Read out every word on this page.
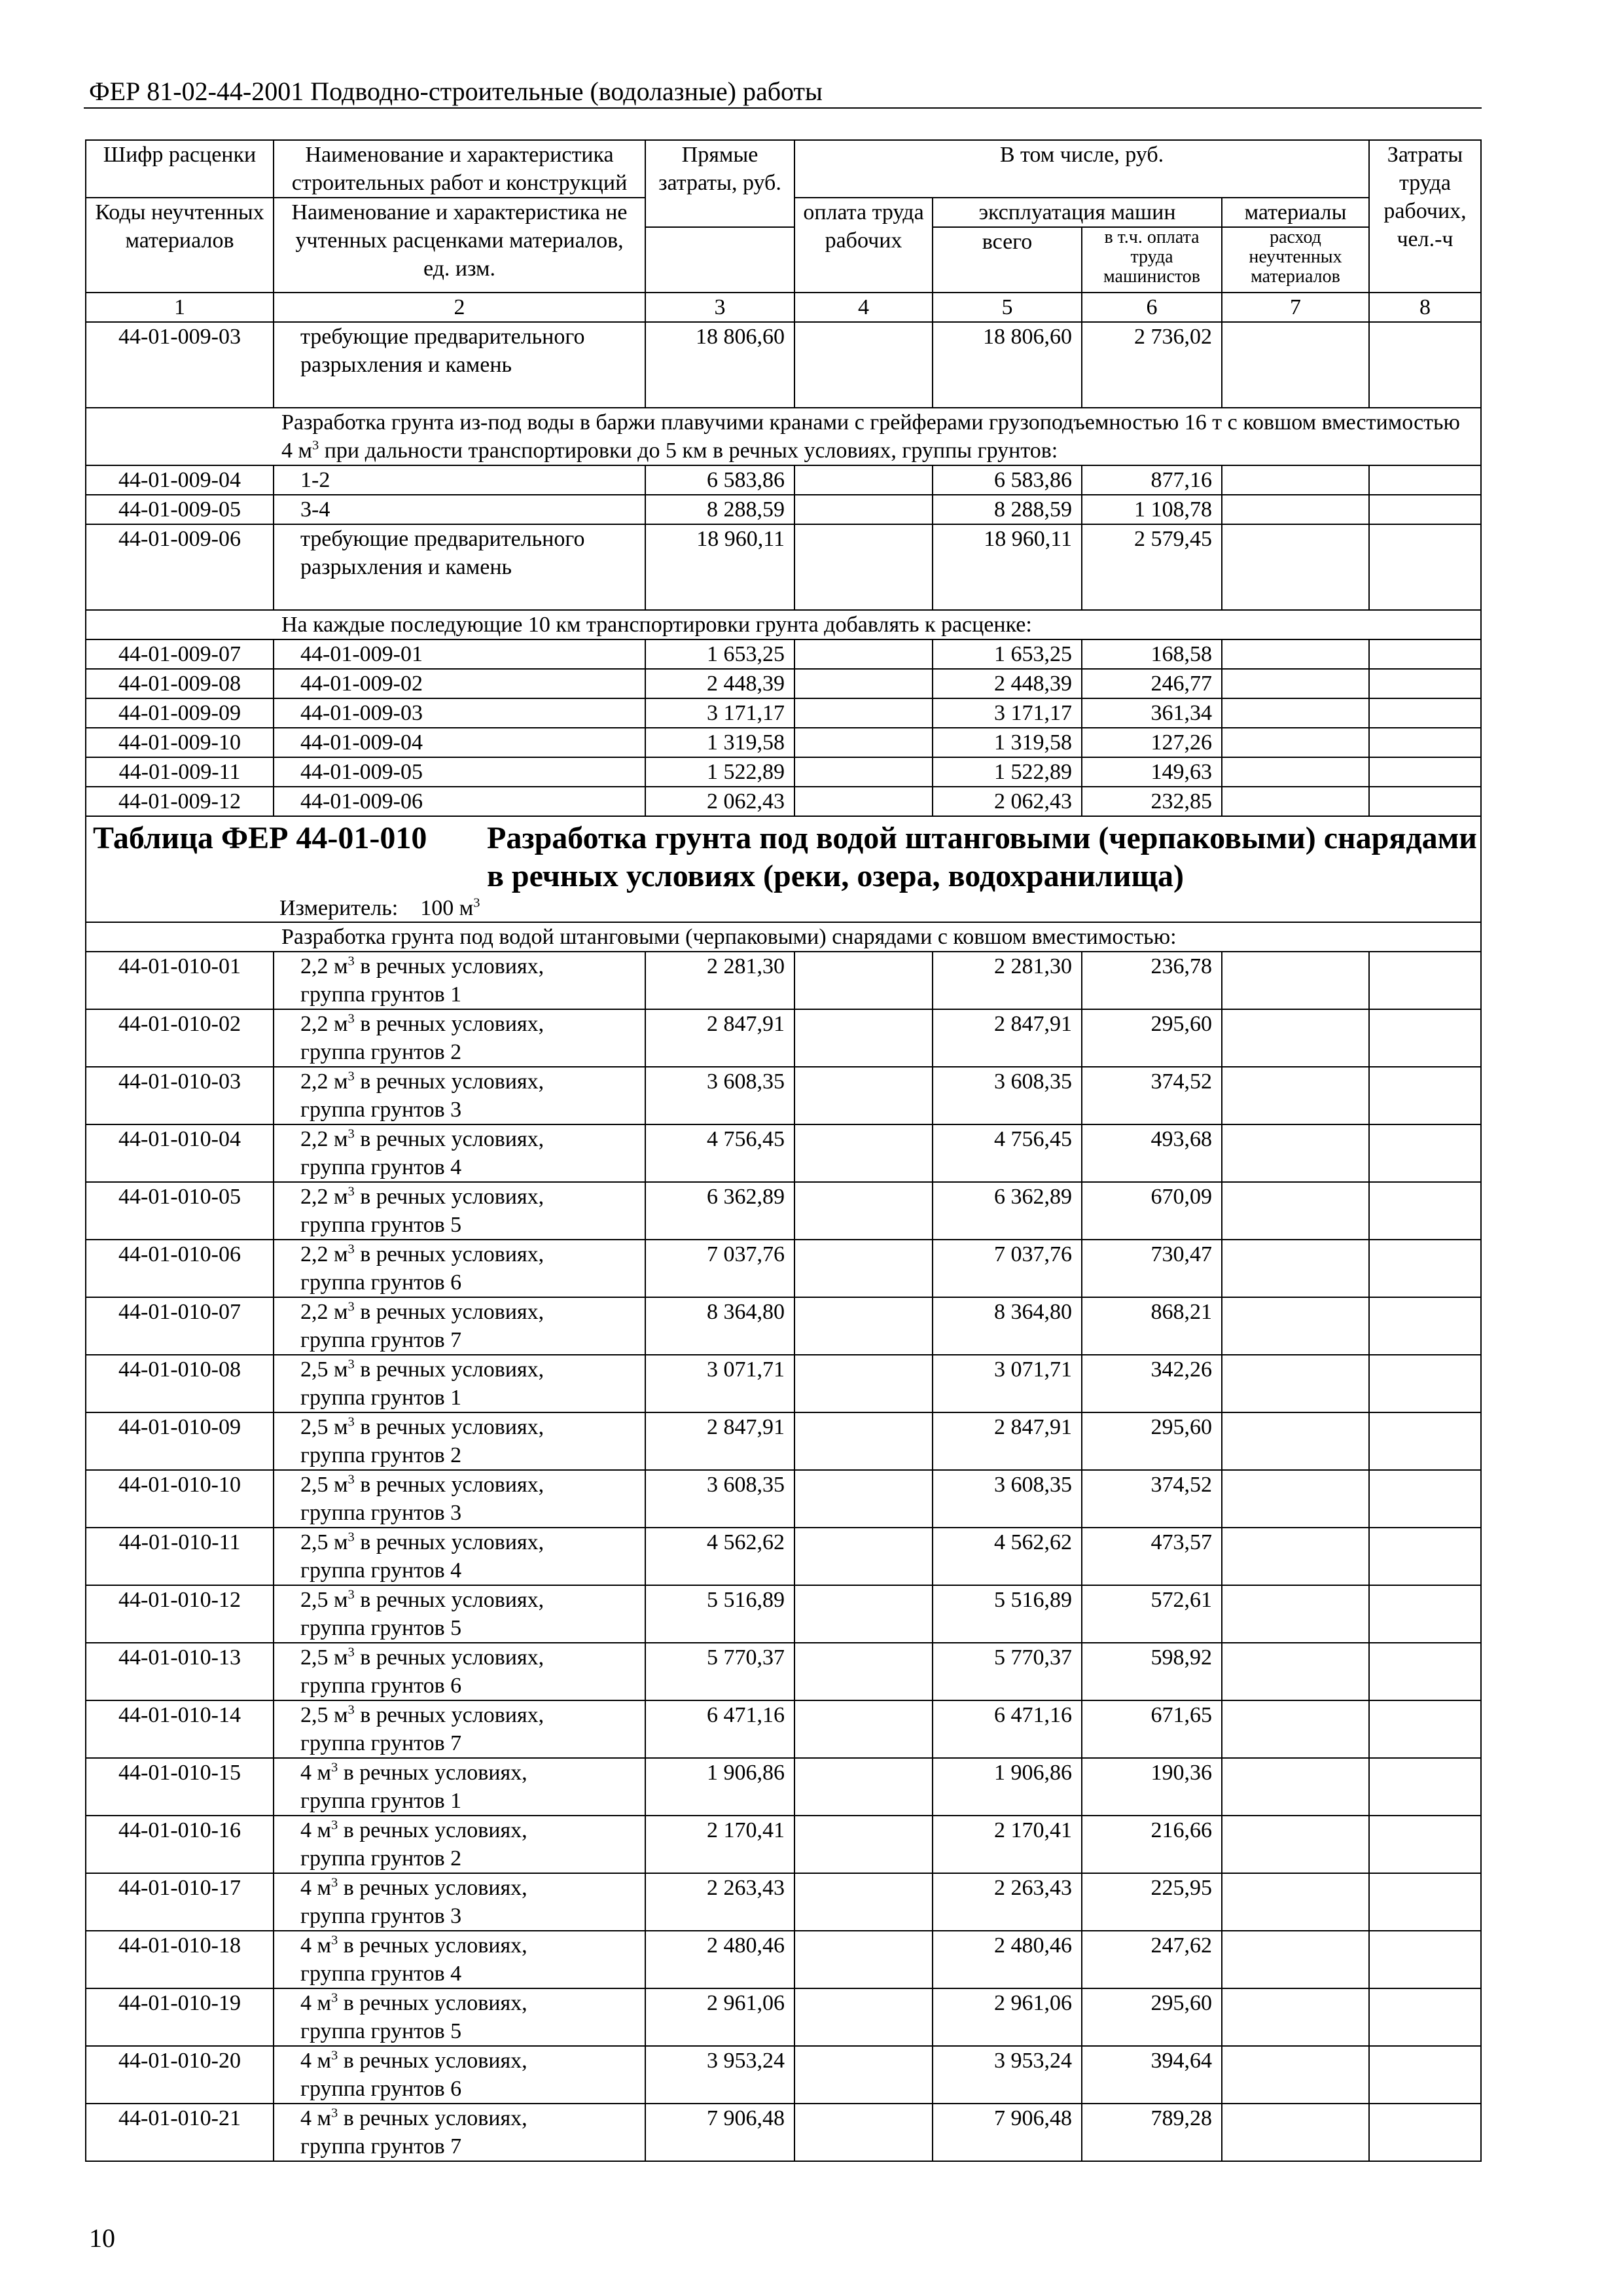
ФЕР 81-02-44-2001 Подводно-строительные (водолазные) работы
Шифр расценки	Наименование и характеристика строительных работ и конструкций	Прямые затраты, руб.	В том числе, руб.				Затраты труда рабочих, чел.-ч

Коды неучтенных материалов	Наименование и характеристика не учтенных расценками материалов, ед. изм.		оплата труда рабочих	эксплуатация машин		материалы	
				всего	в т.ч. оплата труда машинистов	расход неучтенных материалов	
1	2	3	4	5	6	7	8
44-01-009-03	требующие предварительного разрыхления и камень	18 806,60		18 806,60	2 736,02		
	Разработка грунта из-под воды в баржи плавучими кранами с грейферами грузоподъемностью 16 т с ковшом вместимостью 4 $м^3$ при дальности транспортировки до 5 км в речных условиях, группы грунтов:						
44-01-009-04	1-2	6 583,86		6 583,86	877,16		
44-01-009-05	3-4	8 288,59		8 288,59	1 108,78		
44-01-009-06	требующие предварительного разрыхления и камень	18 960,11		18 960,11	2 579,45		
	На каждые последующие 10 км транспортировки грунта добавлять к расценке:						
44-01-009-07	44-01-009-01	1 653,25		1 653,25	168,58		
44-01-009-08	44-01-009-02	2 448,39		2 448,39	246,77		
44-01-009-09	44-01-009-03	3 171,17		3 171,17	361,34		
44-01-009-10	44-01-009-04	1 319,58		1 319,58	127,26		
44-01-009-11	44-01-009-05	1 522,89		1 522,89	149,63		
44-01-009-12	44-01-009-06	2 062,43		2 062,43	232,85		

Таблица ФЕР 44-01-010 Разработка грунта под водой штанговыми (черпаковыми) снарядами в речных условиях (реки, озера, водохранилища)
Измеритель: 100 $м^3$

	Разработка грунта под водой штанговыми (черпаковыми) снарядами с ковшом вместимостью:						
44-01-010-01	2,2 $м^3$ в речных условиях,
группа грунтов 1	2 281,30		2 281,30	236,78		
44-01-010-02	2,2 $м^3$ в речных условиях,
группа грунтов 2	2 847,91		2 847,91	295,60		
44-01-010-03	2,2 $м^3$ в речных условиях,
группа грунтов 3	3 608,35		3 608,35	374,52		
44-01-010-04	2,2 $м^3$ в речных условиях,
группа грунтов 4	4 756,45		4 756,45	493,68		
44-01-010-05	2,2 $м^3$ в речных условиях,
группа грунтов 5	6 362,89		6 362,89	670,09		
44-01-010-06	2,2 $м^3$ в речных условиях,
группа грунтов 6	7 037,76		7 037,76	730,47		
44-01-010-07	2,2 $м^3$ в речных условиях,
группа грунтов 7	8 364,80		8 364,80	868,21		
44-01-010-08	2,5 $м^3$ в речных условиях,
группа грунтов 1	3 071,71		3 071,71	342,26		
44-01-010-09	2,5 $м^3$ в речных условиях,
группа грунтов 2	2 847,91		2 847,91	295,60		
44-01-010-10	2,5 $м^3$ в речных условиях,
группа грунтов 3	3 608,35		3 608,35	374,52		
44-01-010-11	2,5 $м^3$ в речных условиях,
группа грунтов 4	4 562,62		4 562,62	473,57		
44-01-010-12	2,5 $м^3$ в речных условиях,
группа грунтов 5	5 516,89		5 516,89	572,61		
44-01-010-13	2,5 $м^3$ в речных условиях,
группа грунтов 6	5 770,37		5 770,37	598,92		
44-01-010-14	2,5 $м^3$ в речных условиях,
группа грунтов 7	6 471,16		6 471,16	671,65		
44-01-010-15	4 $м^3$ в речных условиях,
группа грунтов 1	1 906,86		1 906,86	190,36		
44-01-010-16	4 $м^3$ в речных условиях,
группа грунтов 2	2 170,41		2 170,41	216,66		
44-01-010-17	4 $м^3$ в речных условиях,
группа грунтов 3	2 263,43		2 263,43	225,95		
44-01-010-18	4 $м^3$ в речных условиях,
группа грунтов 4	2 480,46		2 480,46	247,62		
44-01-010-19	4 $м^3$ в речных условиях,
группа грунтов 5	2 961,06		2 961,06	295,60		
44-01-010-20	4 $м^3$ в речных условиях,
группа грунтов 6	3 953,24		3 953,24	394,64		
44-01-010-21	4 $м^3$ в речных условиях,
группа грунтов 7	7 906,48		7 906,48	789,28		
10
